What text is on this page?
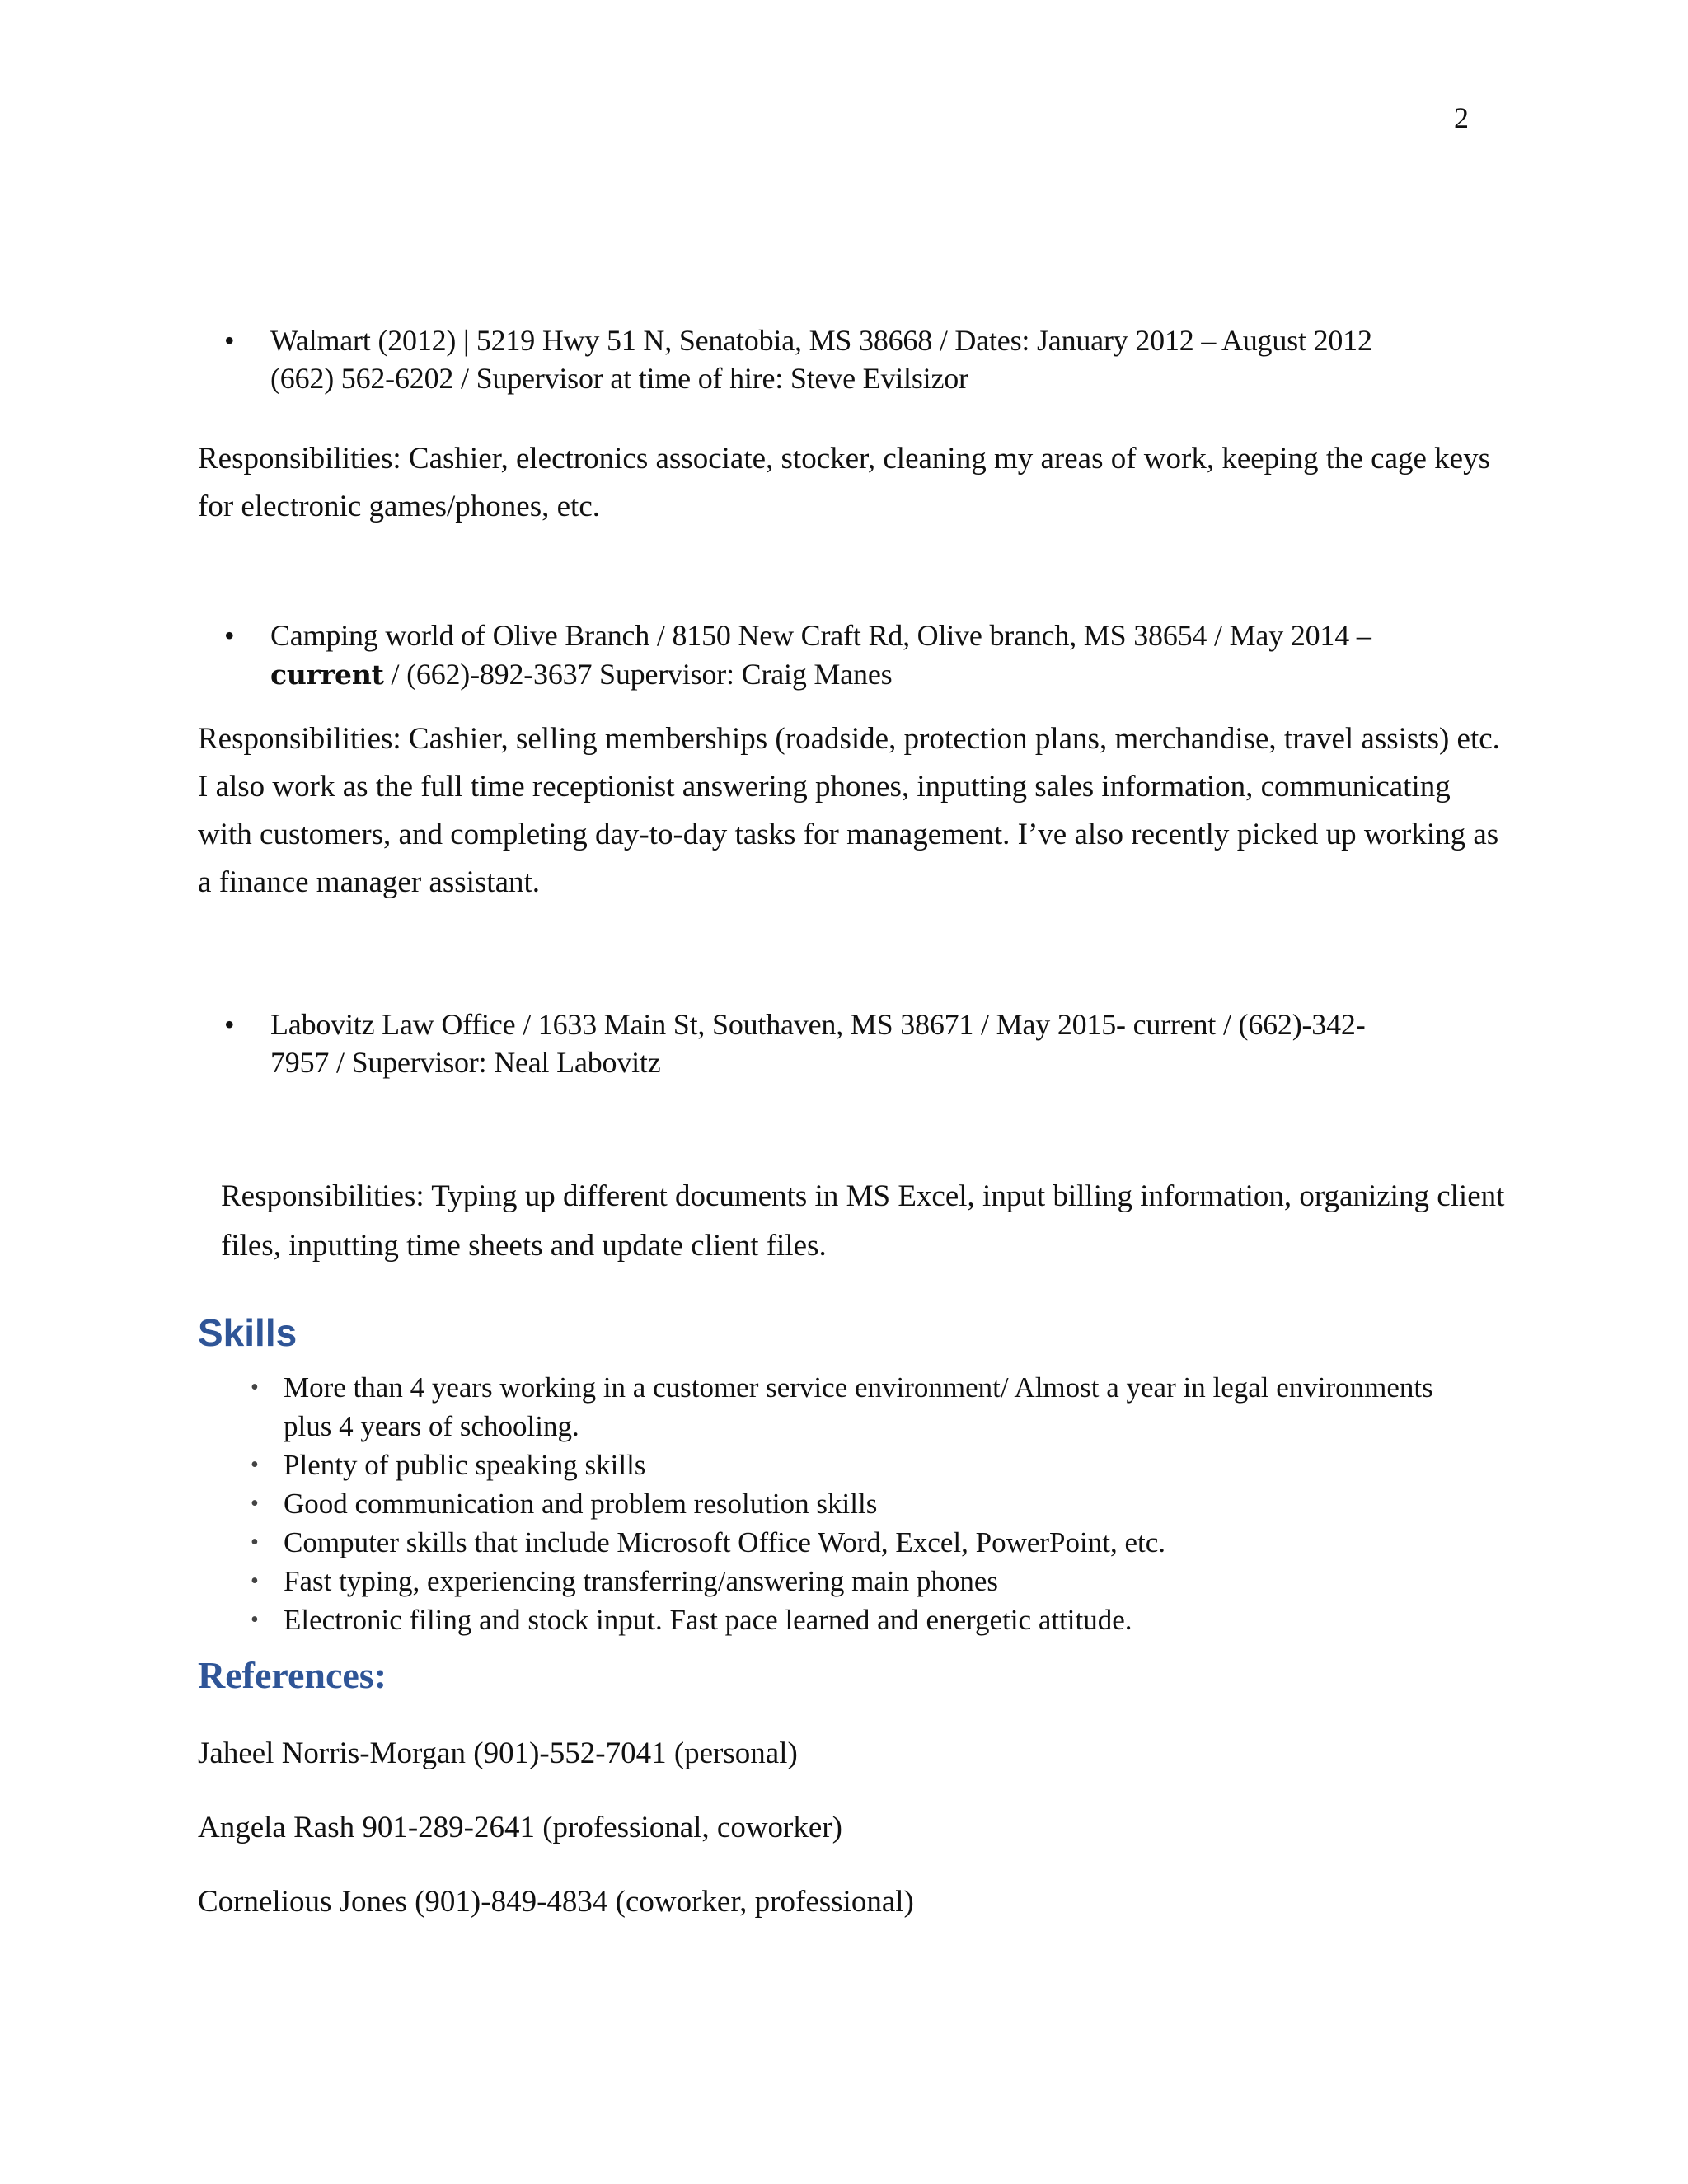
2
• Walmart (2012) | 5219 Hwy 51 N, Senatobia, MS 38668 / Dates: January 2012 – August 2012
(662) 562-6202 / Supervisor at time of hire: Steve Evilsizor
Responsibilities: Cashier, electronics associate, stocker, cleaning my areas of work, keeping the cage keys for electronic games/phones, etc.
• Camping world of Olive Branch / 8150 New Craft Rd, Olive branch, MS 38654 / May 2014 –
current / (662)-892-3637 Supervisor: Craig Manes
Responsibilities: Cashier, selling memberships (roadside, protection plans, merchandise, travel assists) etc. I also work as the full time receptionist answering phones, inputting sales information, communicating with customers, and completing day-to-day tasks for management. I’ve also recently picked up working as a finance manager assistant.
• Labovitz Law Office / 1633 Main St, Southaven, MS 38671 / May 2015- current / (662)-342-
7957 / Supervisor: Neal Labovitz
Responsibilities: Typing up different documents in MS Excel, input billing information, organizing client files, inputting time sheets and update client files.
Skills
• More than 4 years working in a customer service environment/ Almost a year in legal environments plus 4 years of schooling.
• Plenty of public speaking skills
• Good communication and problem resolution skills
• Computer skills that include Microsoft Office Word, Excel, PowerPoint, etc.
• Fast typing, experiencing transferring/answering main phones
• Electronic filing and stock input. Fast pace learned and energetic attitude.
References:
Jaheel Norris-Morgan (901)-552-7041 (personal)
Angela Rash 901-289-2641 (professional, coworker)
Cornelious Jones (901)-849-4834 (coworker, professional)
